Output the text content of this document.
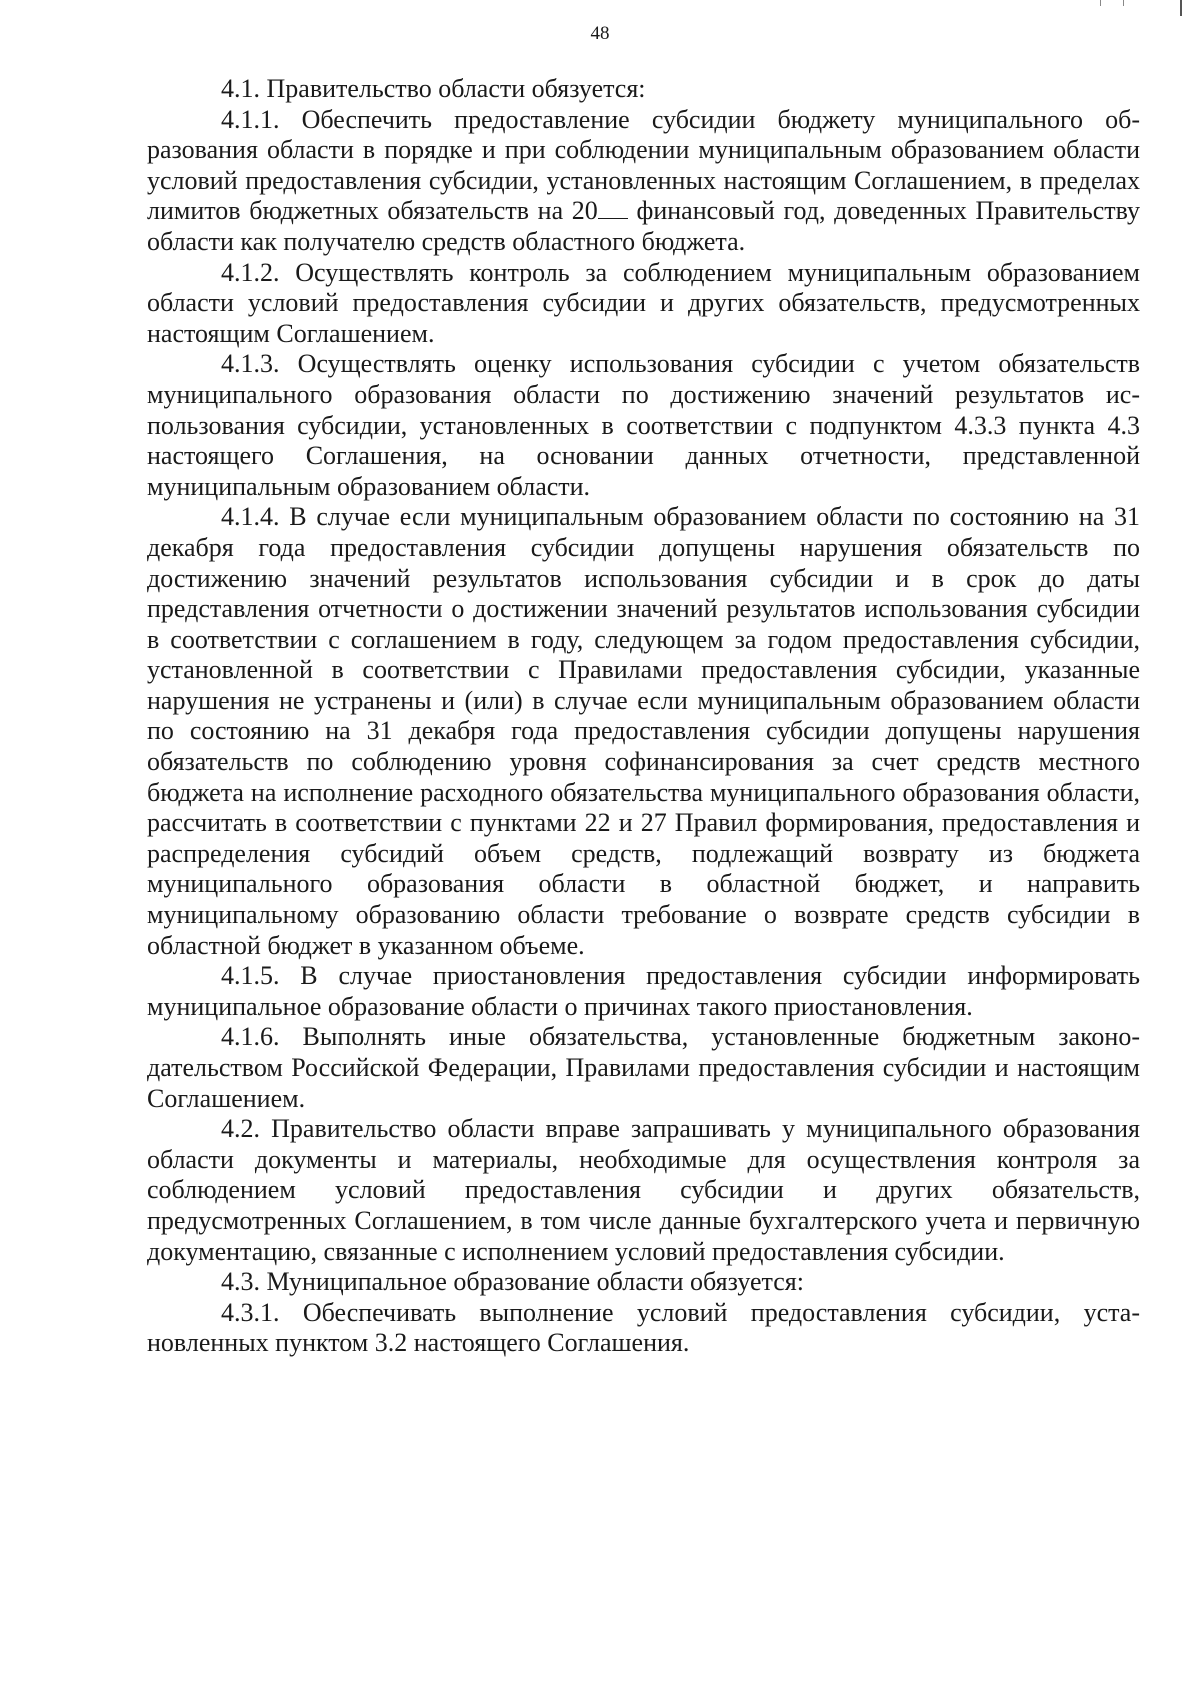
48

4.1. Правительство области обязуется:

4.1.1. Обеспечить предоставление субсидии бюджету муниципального образования области в порядке и при соблюдении муниципальным образованием области условий предоставления субсидии, установленных настоящим Соглашением, в пределах лимитов бюджетных обязательств на 20 финансовый год, доведенных Правительству области как получателю средств областного бюджета.

4.1.2. Осуществлять контроль за соблюдением муниципальным образованием области условий предоставления субсидии и других обязательств, предусмотренных настоящим Соглашением.

4.1.3. Осуществлять оценку использования субсидии с учетом обязательств муниципального образования области по достижению значений результатов использования субсидии, установленных в соответствии с подпунктом 4.3.3 пункта 4.3 настоящего Соглашения, на основании данных отчетности, представленной муниципальным образованием области.

4.1.4. В случае если муниципальным образованием области по состоянию на 31 декабря года предоставления субсидии допущены нарушения обязательств по достижению значений результатов использования субсидии и в срок до даты представления отчетности о достижении значений результатов использования субсидии в соответствии с соглашением в году, следующем за годом предоставления субсидии, установленной в соответствии с Правилами предоставления субсидии, указанные нарушения не устранены и (или) в случае если муниципальным образованием области по состоянию на 31 декабря года предоставления субсидии допущены нарушения обязательств по соблюдению уровня софинансирования за счет средств местного бюджета на исполнение расходного обязательства муниципального образования области, рассчитать в соответствии с пунктами 22 и 27 Правил формирования, предоставления и распределения субсидий объем средств, подлежащий возврату из бюджета муниципального образования области в областной бюджет, и направить муниципальному образованию области требование о возврате средств субсидии в областной бюджет в указанном объеме.

4.1.5. В случае приостановления предоставления субсидии информировать муниципальное образование области о причинах такого приостановления.

4.1.6. Выполнять иные обязательства, установленные бюджетным законодательством Российской Федерации, Правилами предоставления субсидии и настоящим Соглашением.

4.2. Правительство области вправе запрашивать у муниципального образования области документы и материалы, необходимые для осуществления контроля за соблюдением условий предоставления субсидии и других обязательств, предусмотренных Соглашением, в том числе данные бухгалтерского учета и первичную документацию, связанные с исполнением условий предоставления субсидии.

4.3. Муниципальное образование области обязуется:

4.3.1. Обеспечивать выполнение условий предоставления субсидии, установленных пунктом 3.2 настоящего Соглашения.
